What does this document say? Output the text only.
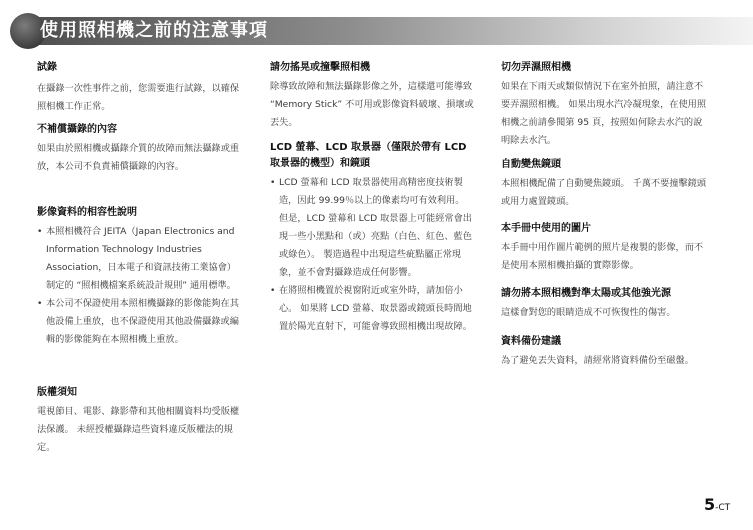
使用照相機之前的注意事項
試錄

在攝錄一次性事件之前，您需要進行試錄，以確保照相機工作正常。

不補償攝錄的內容

如果由於照相機或攝錄介質的故障而無法攝錄或重放，本公司不負責補償攝錄的內容。

影像資料的相容性說明
• 本照相機符合 JEITA（Japan Electronics and Information Technology Industries Association，日本電子和資訊技術工業協會）制定的 “照相機檔案系統設計規則” 通用標準。
• 本公司不保證使用本照相機攝錄的影像能夠在其他設備上重放，也不保證使用其他設備攝錄或編輯的影像能夠在本照相機上重放。
版權須知

電視節目、電影、錄影帶和其他相關資料均受版權法保護。 未經授權攝錄這些資料違反版權法的規定。

請勿搖晃或撞擊照相機

除導致故障和無法攝錄影像之外，這樣還可能導致 “Memory Stick” 不可用或影像資料破壞、損壞或丟失。

LCD 螢幕、LCD 取景器（僅限於帶有 LCD 取景器的機型）和鏡頭
• LCD 螢幕和 LCD 取景器使用高精密度技術製造，因此 99.99％以上的像素均可有效利用。 但是，LCD 螢幕和 LCD 取景器上可能經常會出現一些小黑點和（或）亮點（白色、紅色、藍色或綠色）。 製造過程中出現這些疵點屬正常現象，並不會對攝錄造成任何影響。
• 在將照相機置於視窗附近或室外時，請加倍小心。 如果將 LCD 螢幕、取景器或鏡頭長時間地置於陽光直射下，可能會導致照相機出現故障。
切勿弄濕照相機

如果在下雨天或類似情況下在室外拍照，請注意不要弄濕照相機。 如果出現水汽冷凝現象，在使用照相機之前請參閱第 95 頁，按照如何除去水汽的說明除去水汽。

自動變焦鏡頭

本照相機配備了自動變焦鏡頭。 千萬不要撞擊鏡頭或用力處置鏡頭。

本手冊中使用的圖片

本手冊中用作圖片範例的照片是複製的影像，而不是使用本照相機拍攝的實際影像。

請勿將本照相機對準太陽或其他強光源

這樣會對您的眼睛造成不可恢復性的傷害。

資料備份建議

為了避免丟失資料，請經常將資料備份至磁盤。

5-CT
